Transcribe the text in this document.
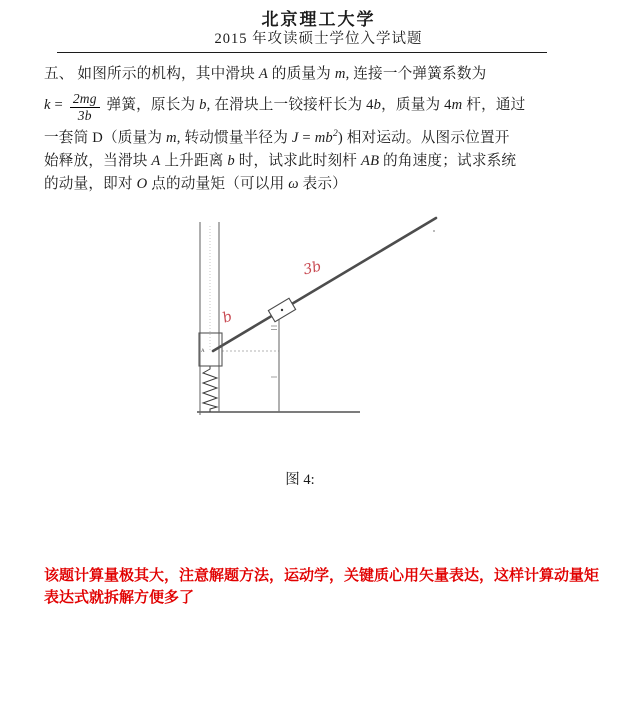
北京理工大学
2015 年攻读硕士学位入学试题
五、 如图所示的机构，其中滑块 A 的质量为 m, 连接一个弹簧系数为
$k = \frac{2mg}{3b}$ 弹簧，原长为 b, 在滑块上一铰接杆长为 4b，质量为 4m 杆，通过
一套筒 D（质量为 m, 转动惯量半径为 $J = mb^2$) 相对运动。从图示位置开
始释放，当滑块 A 上升距离 b 时，试求此时刻杆 AB 的角速度；试求系统
的动量，即对 O 点的动量矩（可以用 ω 表示）
A
b
3b
图 4:
该题计算量极其大，注意解题方法，运动学，关键质心用矢量表达，这样计算动量矩
表达式就拆解方便多了
